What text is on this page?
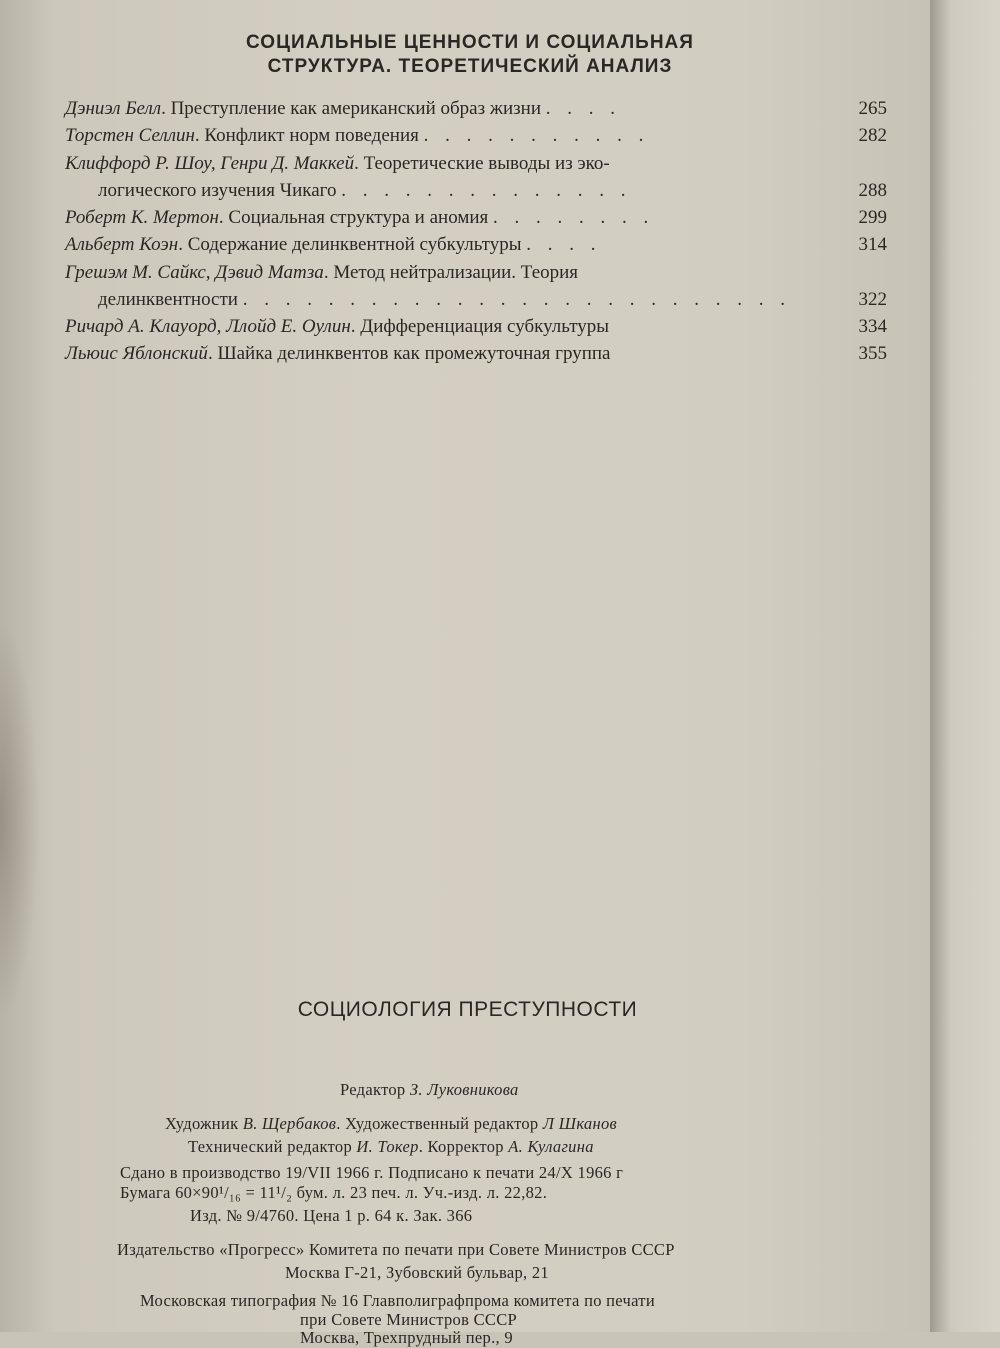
СОЦИАЛЬНЫЕ ЦЕННОСТИ И СОЦИАЛЬНАЯ
СТРУКТУРА. ТЕОРЕТИЧЕСКИЙ АНАЛИЗ
Дэниэл Белл. Преступление как американский образ жизни . . . .	265
Торстен Селлин. Конфликт норм поведения . . . . . . . . . . .	282
Клиффорд Р. Шоу, Генри Д. Маккей. Теоретические выводы из эко-
логического изучения Чикаго . . . . . . . . . . . . . .	288
Роберт К. Мертон. Социальная структура и аномия . . . . . . . .	299
Альберт Коэн. Содержание делинквентной субкультуры . . . .	314
Грешэм М. Сайкс, Дэвид Матза. Метод нейтрализации. Теория
делинквентности . . . . . . . . . . . . . . . . . . . . . . . . . .	322
Ричард А. Клауорд, Ллойд Е. Оулин. Дифференциация субкультуры	334
Льюис Яблонский. Шайка делинквентов как промежуточная группа	355
СОЦИОЛОГИЯ ПРЕСТУПНОСТИ
Редактор З. Луковникова
Художник В. Щербаков. Художественный редактор Л Шканов
Технический редактор И. Токер. Корректор А. Кулагина
Сдано в производство 19/VII 1966 г. Подписано к печати 24/X 1966 г
Бумага 60×90¹/₁₆ = 11¹/₂ бум. л. 23 печ. л. Уч.-изд. л. 22,82.
Изд. № 9/4760. Цена 1 р. 64 к. Зак. 366
Издательство «Прогресс» Комитета по печати при Совете Министров СССР
Москва Г-21, Зубовский бульвар, 21
Московская типография № 16 Главполиграфпрома комитета по печати
при Совете Министров СССР
Москва, Трехпрудный пер., 9
